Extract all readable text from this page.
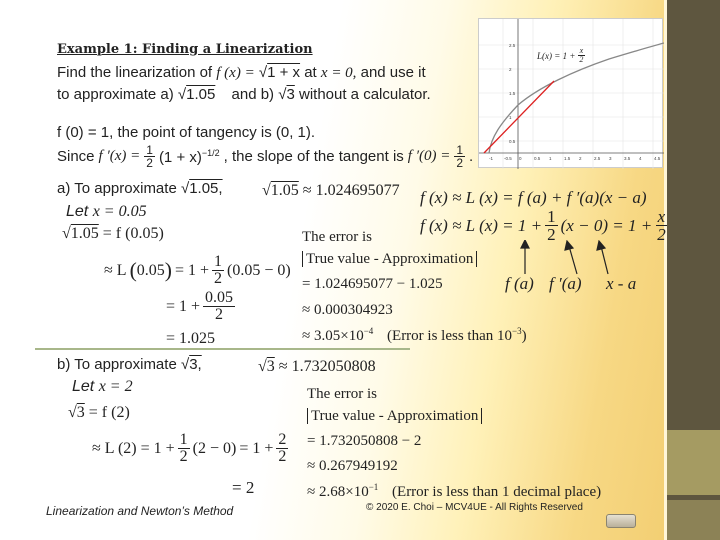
Example 1: Finding a Linearization
Find the linearization of f (x) = √1 + x at x = 0, and use it
to approximate a) √1.05 and b) √3 without a calculator.
f (0) = 1, the point of tangency is (0, 1).
Since f $'(x) = \frac{1}{2} (1 + x)^{-1/2}$ , the slope of the tangent is f $'(0) = \frac{1}{2}$ .
2.5
2
1.5
1
0.5
-1 -0.5 0	0.5 1	1.5 2	2.5 3	3.5 4	4.5
$L(x) = 1 + \frac{x}{2}$
a) To approximate √1.05, √1.05 ≈ 1.024695077
Let x = 0.05
√1.05 = f (0.05)
≈ L $(0.05) = 1 + \frac{1}{2} (0.05 - 0)$
= $1 + \frac{0.05}{2}$
= 1.025
The error is
True value - Approximation
= 1.024695077 − 1.025
≈ 0.000304923
≈ $3.05\times 10^{-4}$ (Error is less than $10^{-3}$)
f (x) ≈ L (x) = f (a) + f ′(a)(x − a)
f (x) ≈ L $(x) = 1 + \frac{1}{2} (x - 0) = 1 + \frac{x}{2}$
f (a) f ′(a) x - a
b) To approximate √3,	√3 ≈ 1.732050808
Let x = 2
√3 = f (2)
≈ L $(2) = 1 + \frac{1}{2} (2 - 0) = 1 + \frac{2}{2}$
= 2
The error is
True value - Approximation
= 1.732050808 − 2
≈ 0.267949192
≈ $2.68\times 10^{-1}$ (Error is less than 1 decimal place)
Linearization and Newton’s Method	© 2020 E. Choi – MCV4UE - All Rights Reserved
